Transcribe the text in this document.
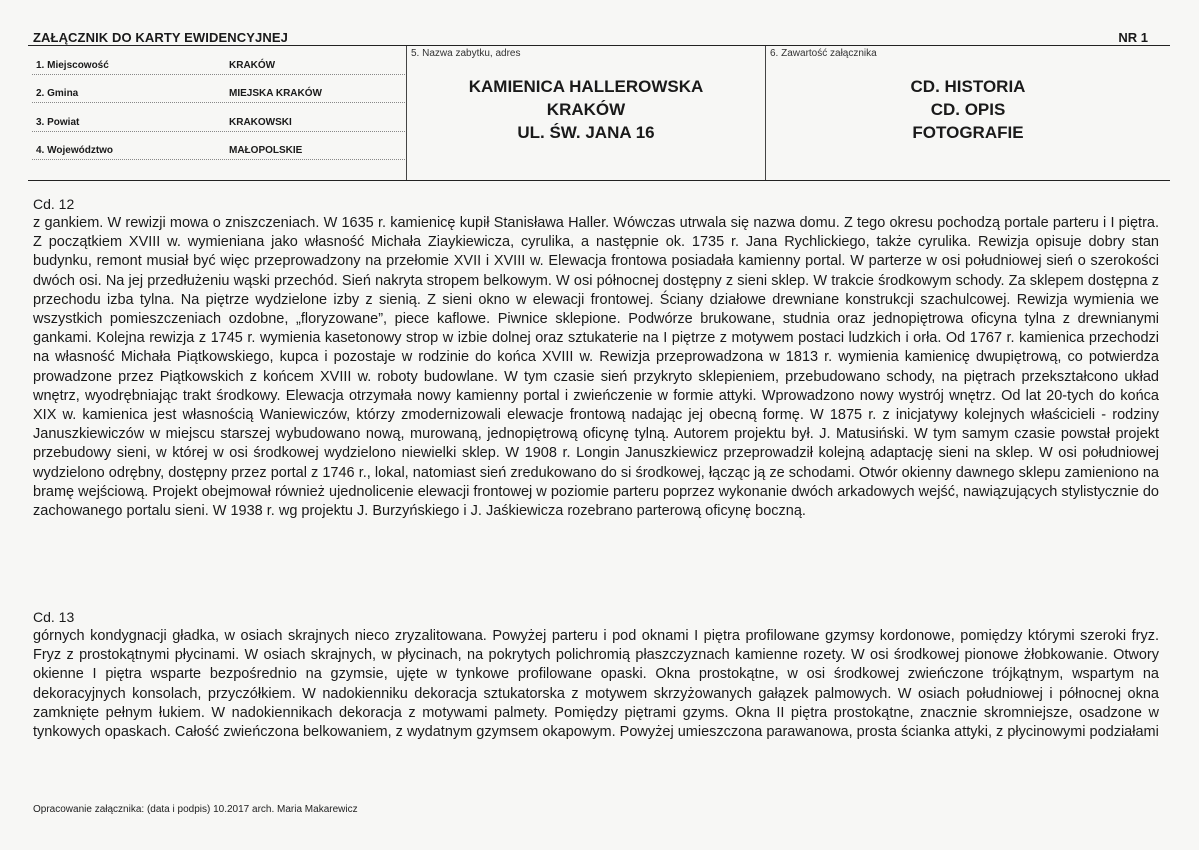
ZAŁĄCZNIK DO KARTY EWIDENCYJNEJ	NR 1
1. Miejscowość	KRAKÓW
2. Gmina	MIEJSKA KRAKÓW
3. Powiat	KRAKOWSKI
4. Województwo	MAŁOPOLSKIE
5. Nazwa zabytku, adres
KAMIENICA HALLEROWSKA
KRAKÓW
UL. ŚW. JANA 16
6. Zawartość załącznika
CD. HISTORIA
CD. OPIS
FOTOGRAFIE
Cd. 12
z gankiem. W rewizji mowa o zniszczeniach. W 1635 r. kamienicę kupił Stanisława Haller. Wówczas utrwala się nazwa domu. Z tego okresu pochodzą portale parteru i I piętra. Z początkiem XVIII w. wymieniana jako własność Michała Ziaykiewicza, cyrulika, a następnie ok. 1735 r. Jana Rychlickiego, także cyrulika. Rewizja opisuje dobry stan budynku, remont musiał być więc przeprowadzony na przełomie XVII i XVIII w. Elewacja frontowa posiadała kamienny portal. W parterze w osi południowej sień o szerokości dwóch osi. Na jej przedłużeniu wąski przechód. Sień nakryta stropem belkowym. W osi północnej dostępny z sieni sklep. W trakcie środkowym schody. Za sklepem dostępna z przechodu izba tylna. Na piętrze wydzielone izby z sienią. Z sieni okno w elewacji frontowej. Ściany działowe drewniane konstrukcji szachulcowej. Rewizja wymienia we wszystkich pomieszczeniach ozdobne, „floryzowane”, piece kaflowe. Piwnice sklepione. Podwórze brukowane, studnia oraz jednopiętrowa oficyna tylna z drewnianymi gankami. Kolejna rewizja z 1745 r. wymienia kasetonowy strop w izbie dolnej oraz sztukaterie na I piętrze z motywem postaci ludzkich i orła. Od 1767 r. kamienica przechodzi na własność Michała Piątkowskiego, kupca i pozostaje w rodzinie do końca XVIII w. Rewizja przeprowadzona w 1813 r. wymienia kamienicę dwupiętrową, co potwierdza prowadzone przez Piątkowskich z końcem XVIII w. roboty budowlane. W tym czasie sień przykryto sklepieniem, przebudowano schody, na piętrach przekształcono układ wnętrz, wyodrębniając trakt środkowy. Elewacja otrzymała nowy kamienny portal i zwieńczenie w formie attyki. Wprowadzono nowy wystrój wnętrz. Od lat 20-tych do końca XIX w. kamienica jest własnością Waniewiczów, którzy zmodernizowali elewacje frontową nadając jej obecną formę. W 1875 r. z inicjatywy kolejnych właścicieli - rodziny Januszkiewiczów w miejscu starszej wybudowano nową, murowaną, jednopiętrową oficynę tylną. Autorem projektu był. J. Matusiński. W tym samym czasie powstał projekt przebudowy sieni, w której w osi środkowej wydzielono niewielki sklep. W 1908 r. Longin Januszkiewicz przeprowadził kolejną adaptację sieni na sklep. W osi południowej wydzielono odrębny, dostępny przez portal z 1746 r., lokal, natomiast sień zredukowano do si środkowej, łącząc ją ze schodami. Otwór okienny dawnego sklepu zamieniono na bramę wejściową. Projekt obejmował również ujednolicenie elewacji frontowej w poziomie parteru poprzez wykonanie dwóch arkadowych wejść, nawiązujących stylistycznie do zachowanego portalu sieni. W 1938 r. wg projektu J. Burzyńskiego i J. Jaśkiewicza rozebrano parterową oficynę boczną.
Cd. 13
górnych kondygnacji gładka, w osiach skrajnych nieco zryzalitowana. Powyżej parteru i pod oknami I piętra profilowane gzymsy kordonowe, pomiędzy którymi szeroki fryz. Fryz z prostokątnymi płycinami. W osiach skrajnych, w płycinach, na pokrytych polichromią płaszczyznach kamienne rozety. W osi środkowej pionowe żłobkowanie. Otwory okienne I piętra wsparte bezpośrednio na gzymsie, ujęte w tynkowe profilowane opaski. Okna prostokątne, w osi środkowej zwieńczone trójkątnym, wspartym na dekoracyjnych konsolach, przyczółkiem. W nadokienniku dekoracja sztukatorska z motywem skrzyżowanych gałązek palmowych. W osiach południowej i północnej okna zamknięte pełnym łukiem. W nadokiennikach dekoracja z motywami palmety. Pomiędzy piętrami gzyms. Okna II piętra prostokątne, znacznie skromniejsze, osadzone w tynkowych opaskach. Całość zwieńczona belkowaniem, z wydatnym gzymsem okapowym. Powyżej umieszczona parawanowa, prosta ścianka attyki, z płycinowymi podziałami
Opracowanie załącznika: (data i podpis) 10.2017 arch. Maria Makarewicz
